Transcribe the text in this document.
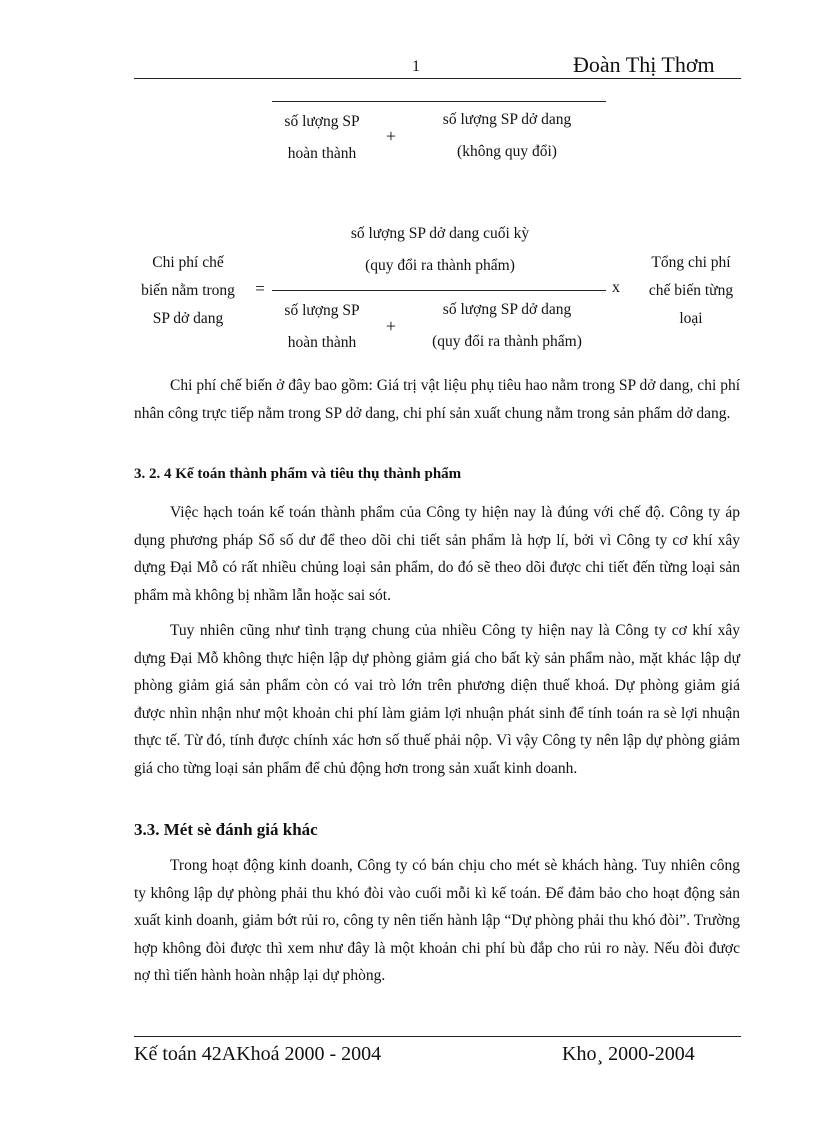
1	Đoàn Thị Thơm
số lượng SP
hoàn thành
+
số lượng SP dở dang
(không quy đổi)
Chi phí chế
biến nằm trong
SP dở dang
=
số lượng SP dở dang cuối kỳ
(quy đổi ra thành phẩm)
số lượng SP
hoàn thành
+
số lượng SP dở dang
(quy đổi ra thành phẩm)
x
Tổng chi phí
chế biến từng
loại

Chi phí chế biến ở đây bao gồm: Giá trị vật liệu phụ tiêu hao nằm trong SP dở dang, chi phí nhân công trực tiếp nằm trong SP dở dang, chi phí sản xuất chung nằm trong sản phẩm dở dang.

3. 2. 4 Kế toán thành phẩm và tiêu thụ thành phẩm

Việc hạch toán kế toán thành phẩm của Công ty hiện nay là đúng với chế độ. Công ty áp dụng phương pháp Sổ số dư để theo dõi chi tiết sản phẩm là hợp lí, bởi vì Công ty cơ khí xây dựng Đại Mỗ có rất nhiều chủng loại sản phẩm, do đó sẽ theo dõi được chi tiết đến từng loại sản phẩm mà không bị nhầm lẫn hoặc sai sót.

Tuy nhiên cũng như tình trạng chung của nhiều Công ty hiện nay là Công ty cơ khí xây dựng Đại Mỗ không thực hiện lập dự phòng giảm giá cho bất kỳ sản phẩm nào, mặt khác lập dự phòng giảm giá sản phẩm còn có vai trò lớn trên phương diện thuế khoá. Dự phòng giảm giá được nhìn nhận như một khoản chi phí làm giảm lợi nhuận phát sinh để tính toán ra sè lợi nhuận thực tế. Từ đó, tính được chính xác hơn số thuế phải nộp. Vì vậy Công ty nên lập dự phòng giảm giá cho từng loại sản phẩm để chủ động hơn trong sản xuất kinh doanh.

3.3. Mét sè đánh giá khác

Trong hoạt động kinh doanh, Công ty có bán chịu cho mét sè khách hàng. Tuy nhiên công ty không lập dự phòng phải thu khó đòi vào cuối mỗi kì kế toán. Để đảm bảo cho hoạt động sản xuất kinh doanh, giảm bớt rủi ro, công ty nên tiến hành lập “Dự phòng phải thu khó đòi”. Trường hợp không đòi được thì xem như đây là một khoản chi phí bù đắp cho rủi ro này. Nếu đòi được nợ thì tiến hành hoàn nhập lại dự phòng.

Kế toán 42AKhoá 2000 - 2004	Kho¸ 2000-2004
